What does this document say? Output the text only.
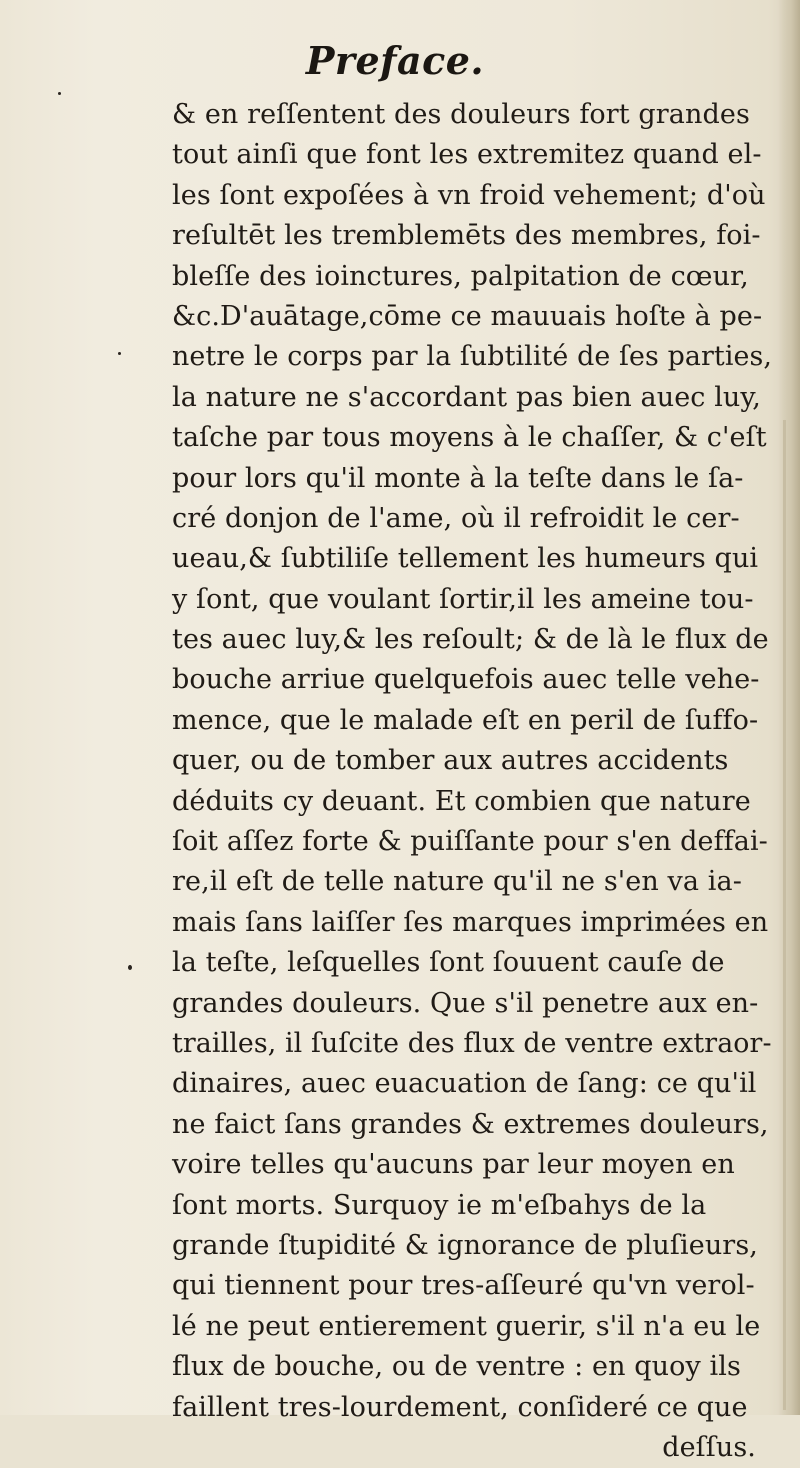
Preface.
& en reſſentent des douleurs fort grandes
tout ainſi que font les extremitez quand el-
les ſont expoſées à vn froid vehement; d'où
reſultēt les tremblemēts des membres, foi-
bleſſe des ioinctures, palpitation de cœur,
&c.D'auātage,cōme ce mauuais hoſte à pe-
netre le corps par la ſubtilité de ſes parties,
la nature ne s'accordant pas bien auec luy,
taſche par tous moyens à le chaſſer, & c'eſt
pour lors qu'il monte à la teſte dans le ſa-
cré donjon de l'ame, où il refroidit le cer-
ueau,& ſubtiliſe tellement les humeurs qui
y ſont, que voulant ſortir,il les ameine tou-
tes auec luy,& les reſoult; & de là le flux de
bouche arriue quelquefois auec telle vehe-
mence, que le malade eſt en peril de ſuffo-
quer, ou de tomber aux autres accidents
déduits cy deuant. Et combien que nature
ſoit aſſez forte & puiſſante pour s'en deffai-
re,il eſt de telle nature qu'il ne s'en va ia-
mais ſans laiſſer ſes marques imprimées en
la teſte, leſquelles ſont ſouuent cauſe de
grandes douleurs. Que s'il penetre aux en-
trailles, il ſuſcite des flux de ventre extraor-
dinaires, auec euacuation de ſang: ce qu'il
ne faict ſans grandes & extremes douleurs,
voire telles qu'aucuns par leur moyen en
ſont morts. Surquoy ie m'eſbahys de la
grande ſtupidité & ignorance de pluſieurs,
qui tiennent pour tres-aſſeuré qu'vn verol-
lé ne peut entierement guerir, s'il n'a eu le
flux de bouche, ou de ventre : en quoy ils
faillent tres-lourdement, conſideré ce que
deſſus.
